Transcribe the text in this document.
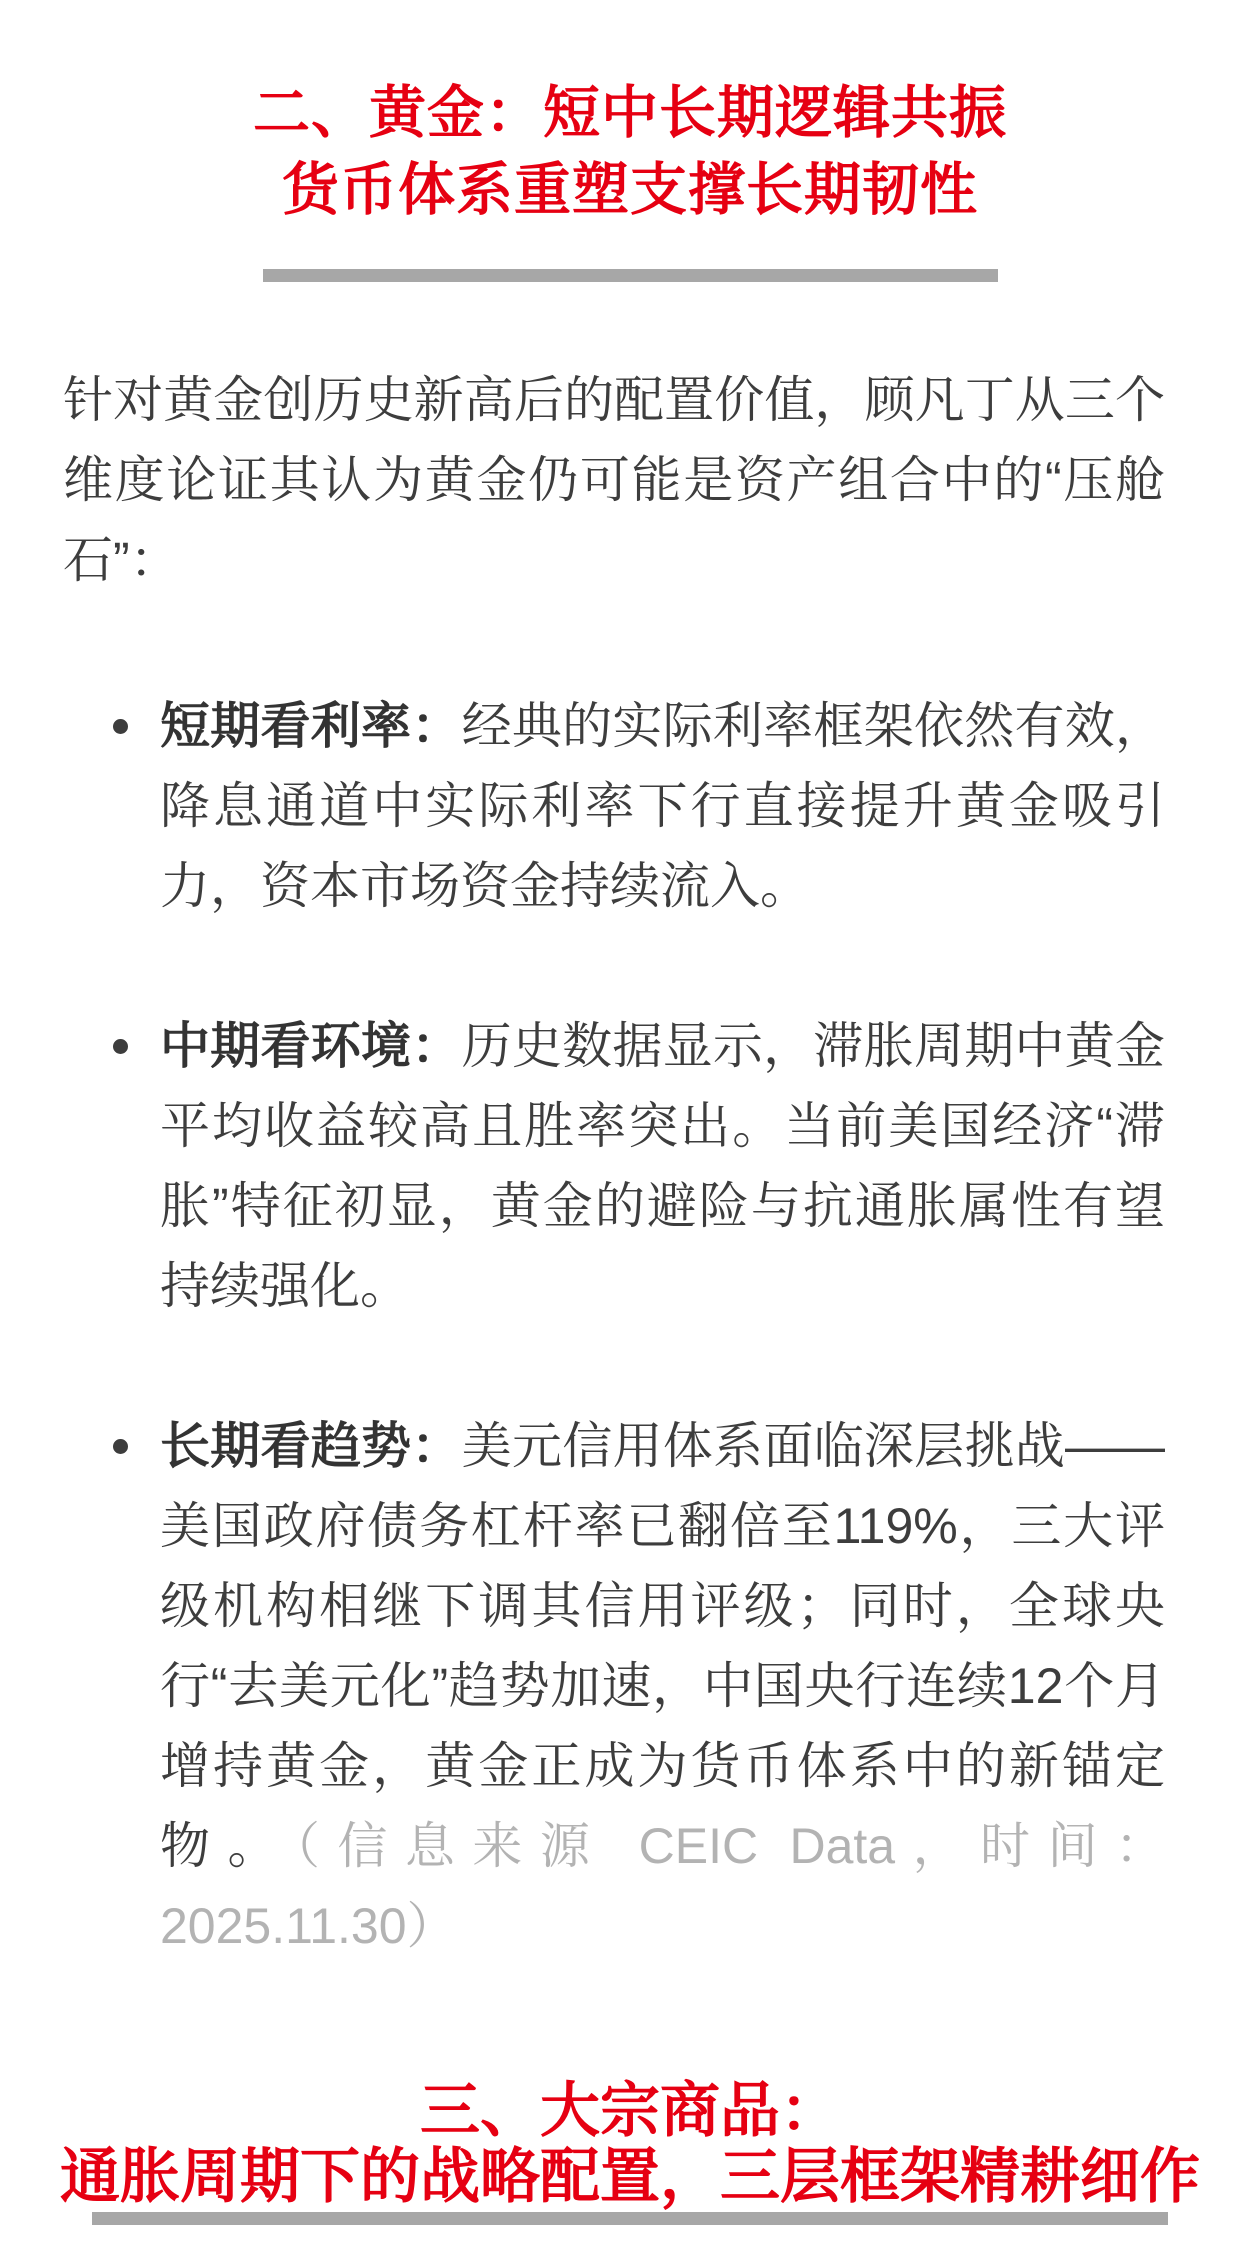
二、黄金：短中长期逻辑共振
货币体系重塑支撑长期韧性

针对黄金创历史新高后的配置价值，顾凡丁从三个维度论证其认为黄金仍可能是资产组合中的“压舱石”：

短期看利率：经典的实际利率框架依然有效，降息通道中实际利率下行直接提升黄金吸引力，资本市场资金持续流入。
中期看环境：历史数据显示，滞胀周期中黄金平均收益较高且胜率突出。当前美国经济“滞胀”特征初显，黄金的避险与抗通胀属性有望持续强化。
长期看趋势：美元信用体系面临深层挑战——美国政府债务杠杆率已翻倍至119%，三大评级机构相继下调其信用评级；同时，全球央行“去美元化”趋势加速，中国央行连续12个月增持黄金，黄金正成为货币体系中的新锚定物。（信息来源 CEIC Data，时间：2025.11.30）
三、大宗商品：
通胀周期下的战略配置，三层框架精耕细作
